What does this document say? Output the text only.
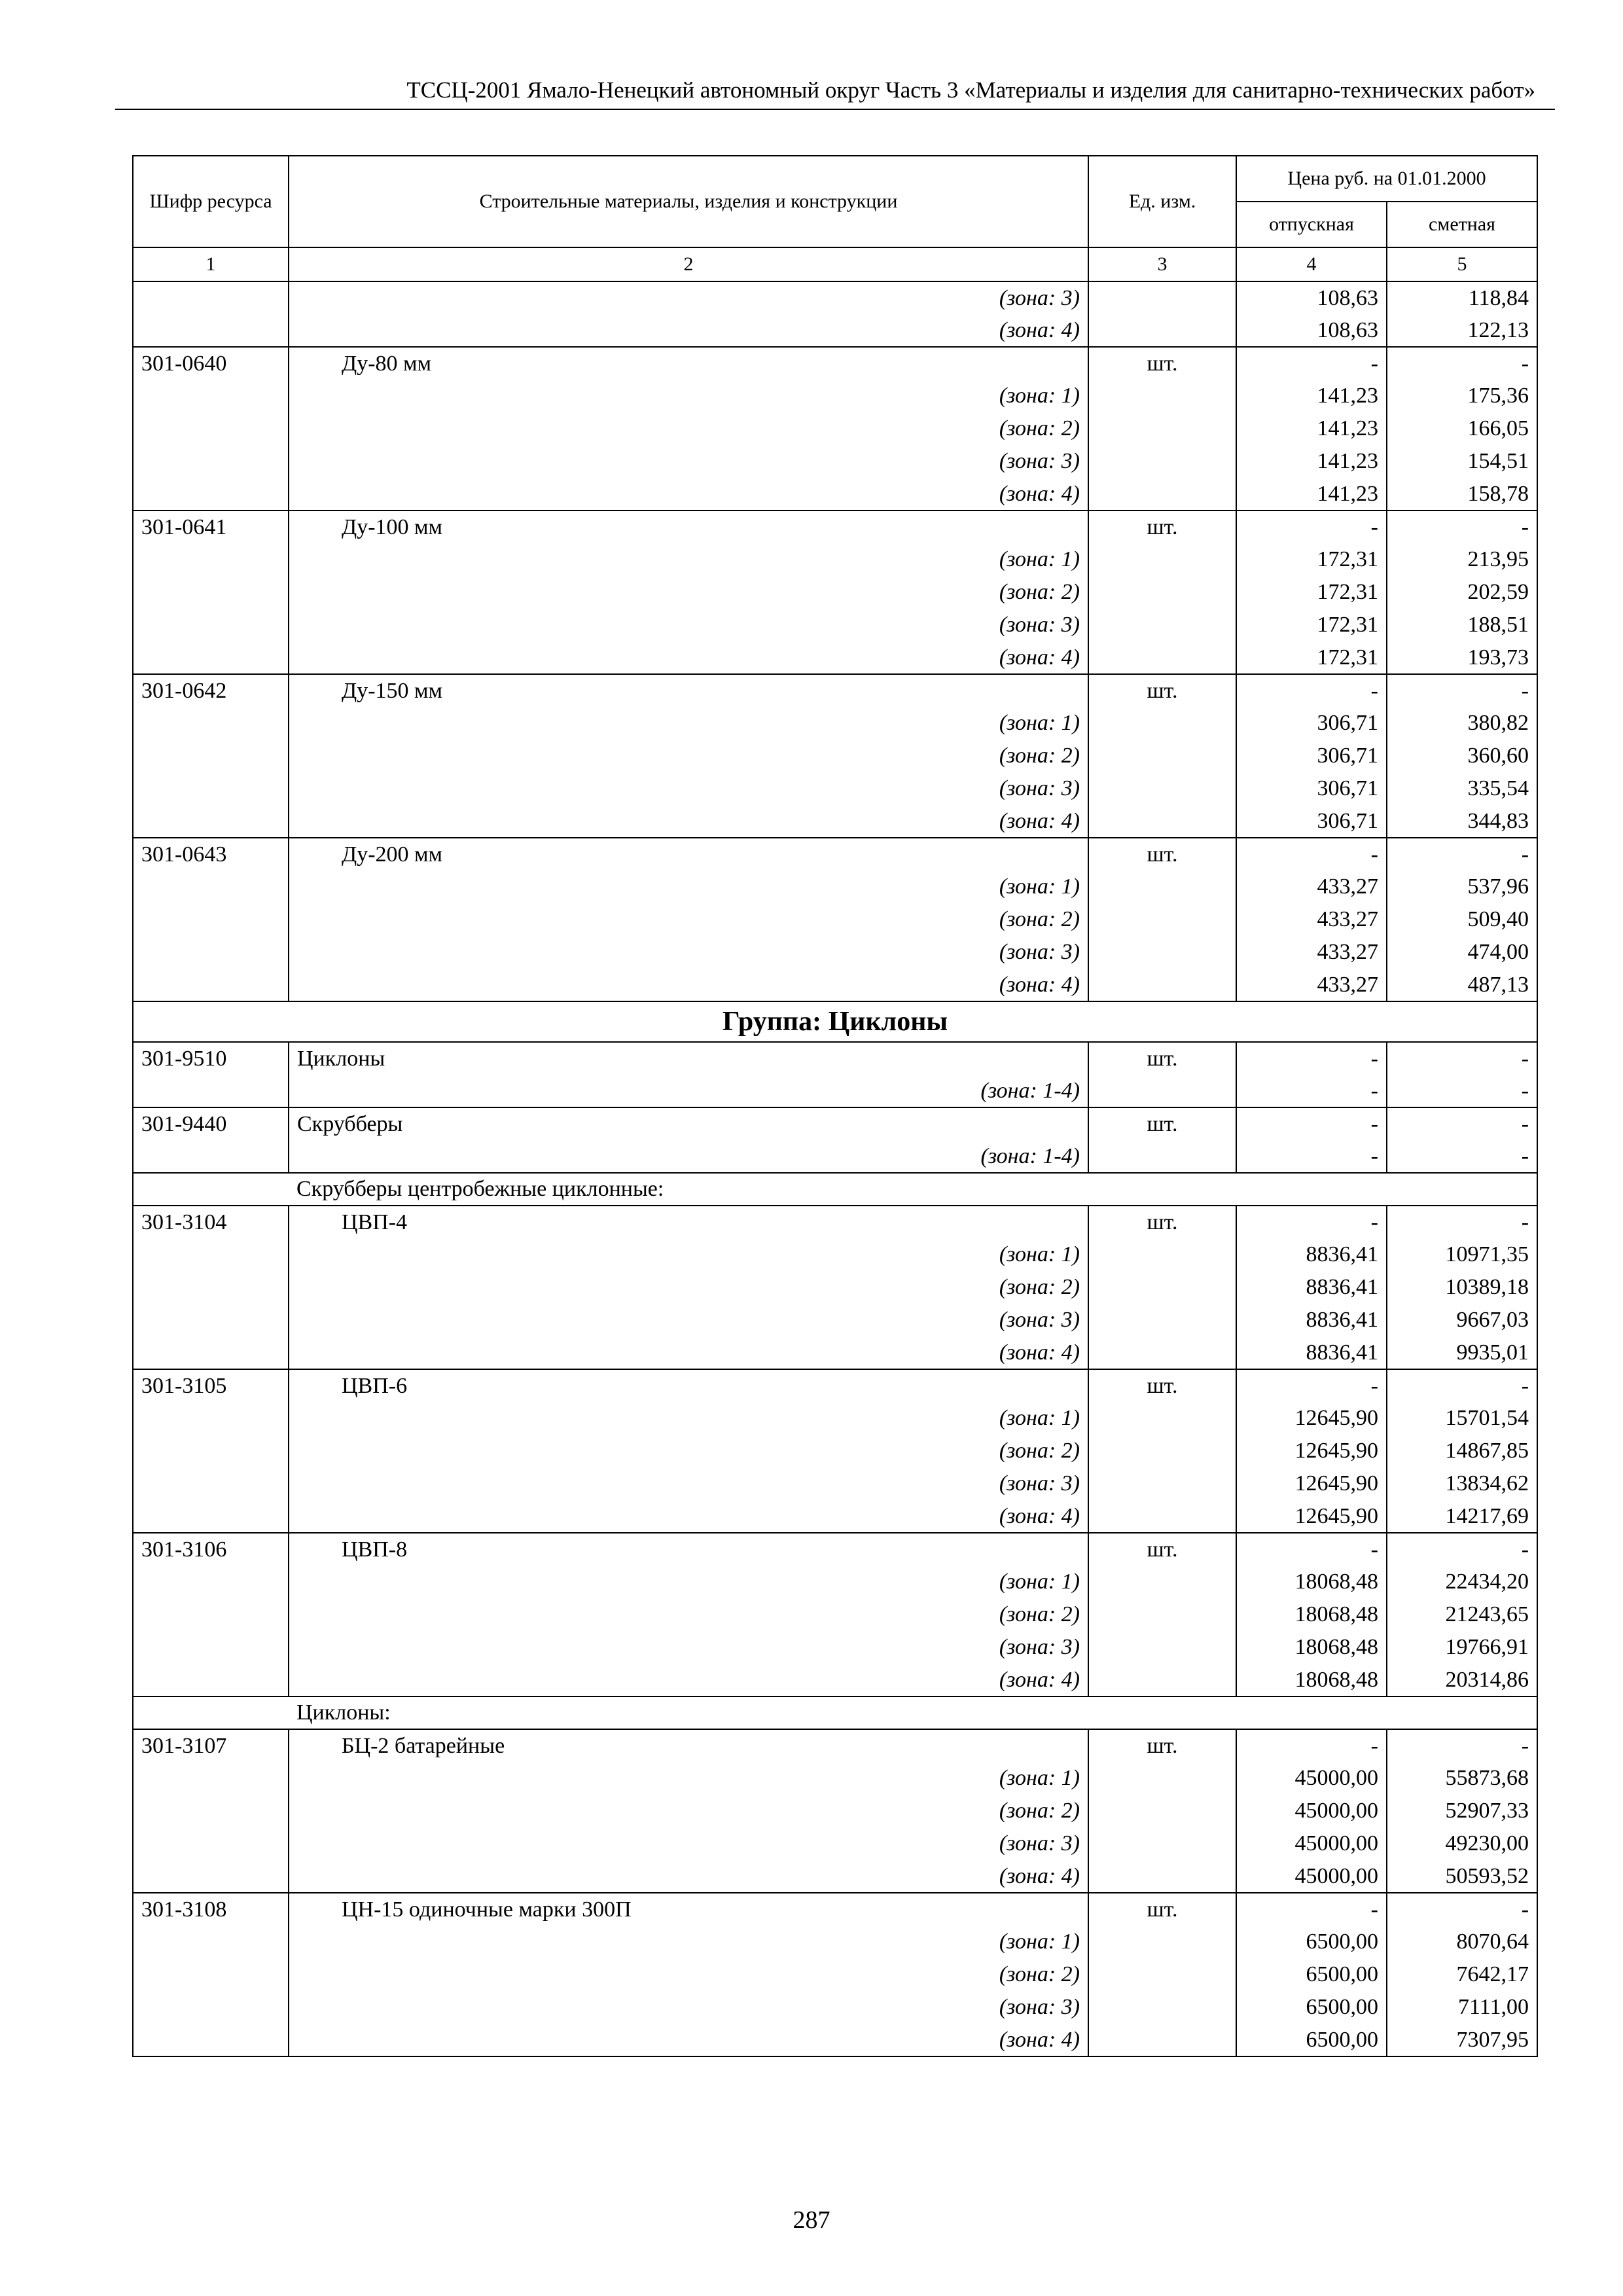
ТССЦ-2001 Ямало-Ненецкий автономный округ Часть 3 «Материалы и изделия для санитарно-технических работ»
Шифр ресурса	Строительные материалы, изделия и конструкции	Ед. изм.	Цена руб. на 01.01.2000	
			отпускная	сметная
1	2	3	4	5
	(зона: 3)		108,63	118,84
	(зона: 4)		108,63	122,13
301-0640	Ду-80 мм	шт.	-	-
	(зона: 1)		141,23	175,36
	(зона: 2)		141,23	166,05
	(зона: 3)		141,23	154,51
	(зона: 4)		141,23	158,78
301-0641	Ду-100 мм	шт.	-	-
	(зона: 1)		172,31	213,95
	(зона: 2)		172,31	202,59
	(зона: 3)		172,31	188,51
	(зона: 4)		172,31	193,73
301-0642	Ду-150 мм	шт.	-	-
	(зона: 1)		306,71	380,82
	(зона: 2)		306,71	360,60
	(зона: 3)		306,71	335,54
	(зона: 4)		306,71	344,83
301-0643	Ду-200 мм	шт.	-	-
	(зона: 1)		433,27	537,96
	(зона: 2)		433,27	509,40
	(зона: 3)		433,27	474,00
	(зона: 4)		433,27	487,13
Группа: Циклоны				
301-9510	Циклоны	шт.	-	-
	(зона: 1-4)		-	-
301-9440	Скрубберы	шт.	-	-
	(зона: 1-4)		-	-
	Скрубберы центробежные циклонные:			
301-3104	ЦВП-4	шт.	-	-
	(зона: 1)		8836,41	10971,35
	(зона: 2)		8836,41	10389,18
	(зона: 3)		8836,41	9667,03
	(зона: 4)		8836,41	9935,01
301-3105	ЦВП-6	шт.	-	-
	(зона: 1)		12645,90	15701,54
	(зона: 2)		12645,90	14867,85
	(зона: 3)		12645,90	13834,62
	(зона: 4)		12645,90	14217,69
301-3106	ЦВП-8	шт.	-	-
	(зона: 1)		18068,48	22434,20
	(зона: 2)		18068,48	21243,65
	(зона: 3)		18068,48	19766,91
	(зона: 4)		18068,48	20314,86
	Циклоны:			
301-3107	БЦ-2 батарейные	шт.	-	-
	(зона: 1)		45000,00	55873,68
	(зона: 2)		45000,00	52907,33
	(зона: 3)		45000,00	49230,00
	(зона: 4)		45000,00	50593,52
301-3108	ЦН-15 одиночные марки 300П	шт.	-	-
	(зона: 1)		6500,00	8070,64
	(зона: 2)		6500,00	7642,17
	(зона: 3)		6500,00	7111,00
	(зона: 4)		6500,00	7307,95
287
